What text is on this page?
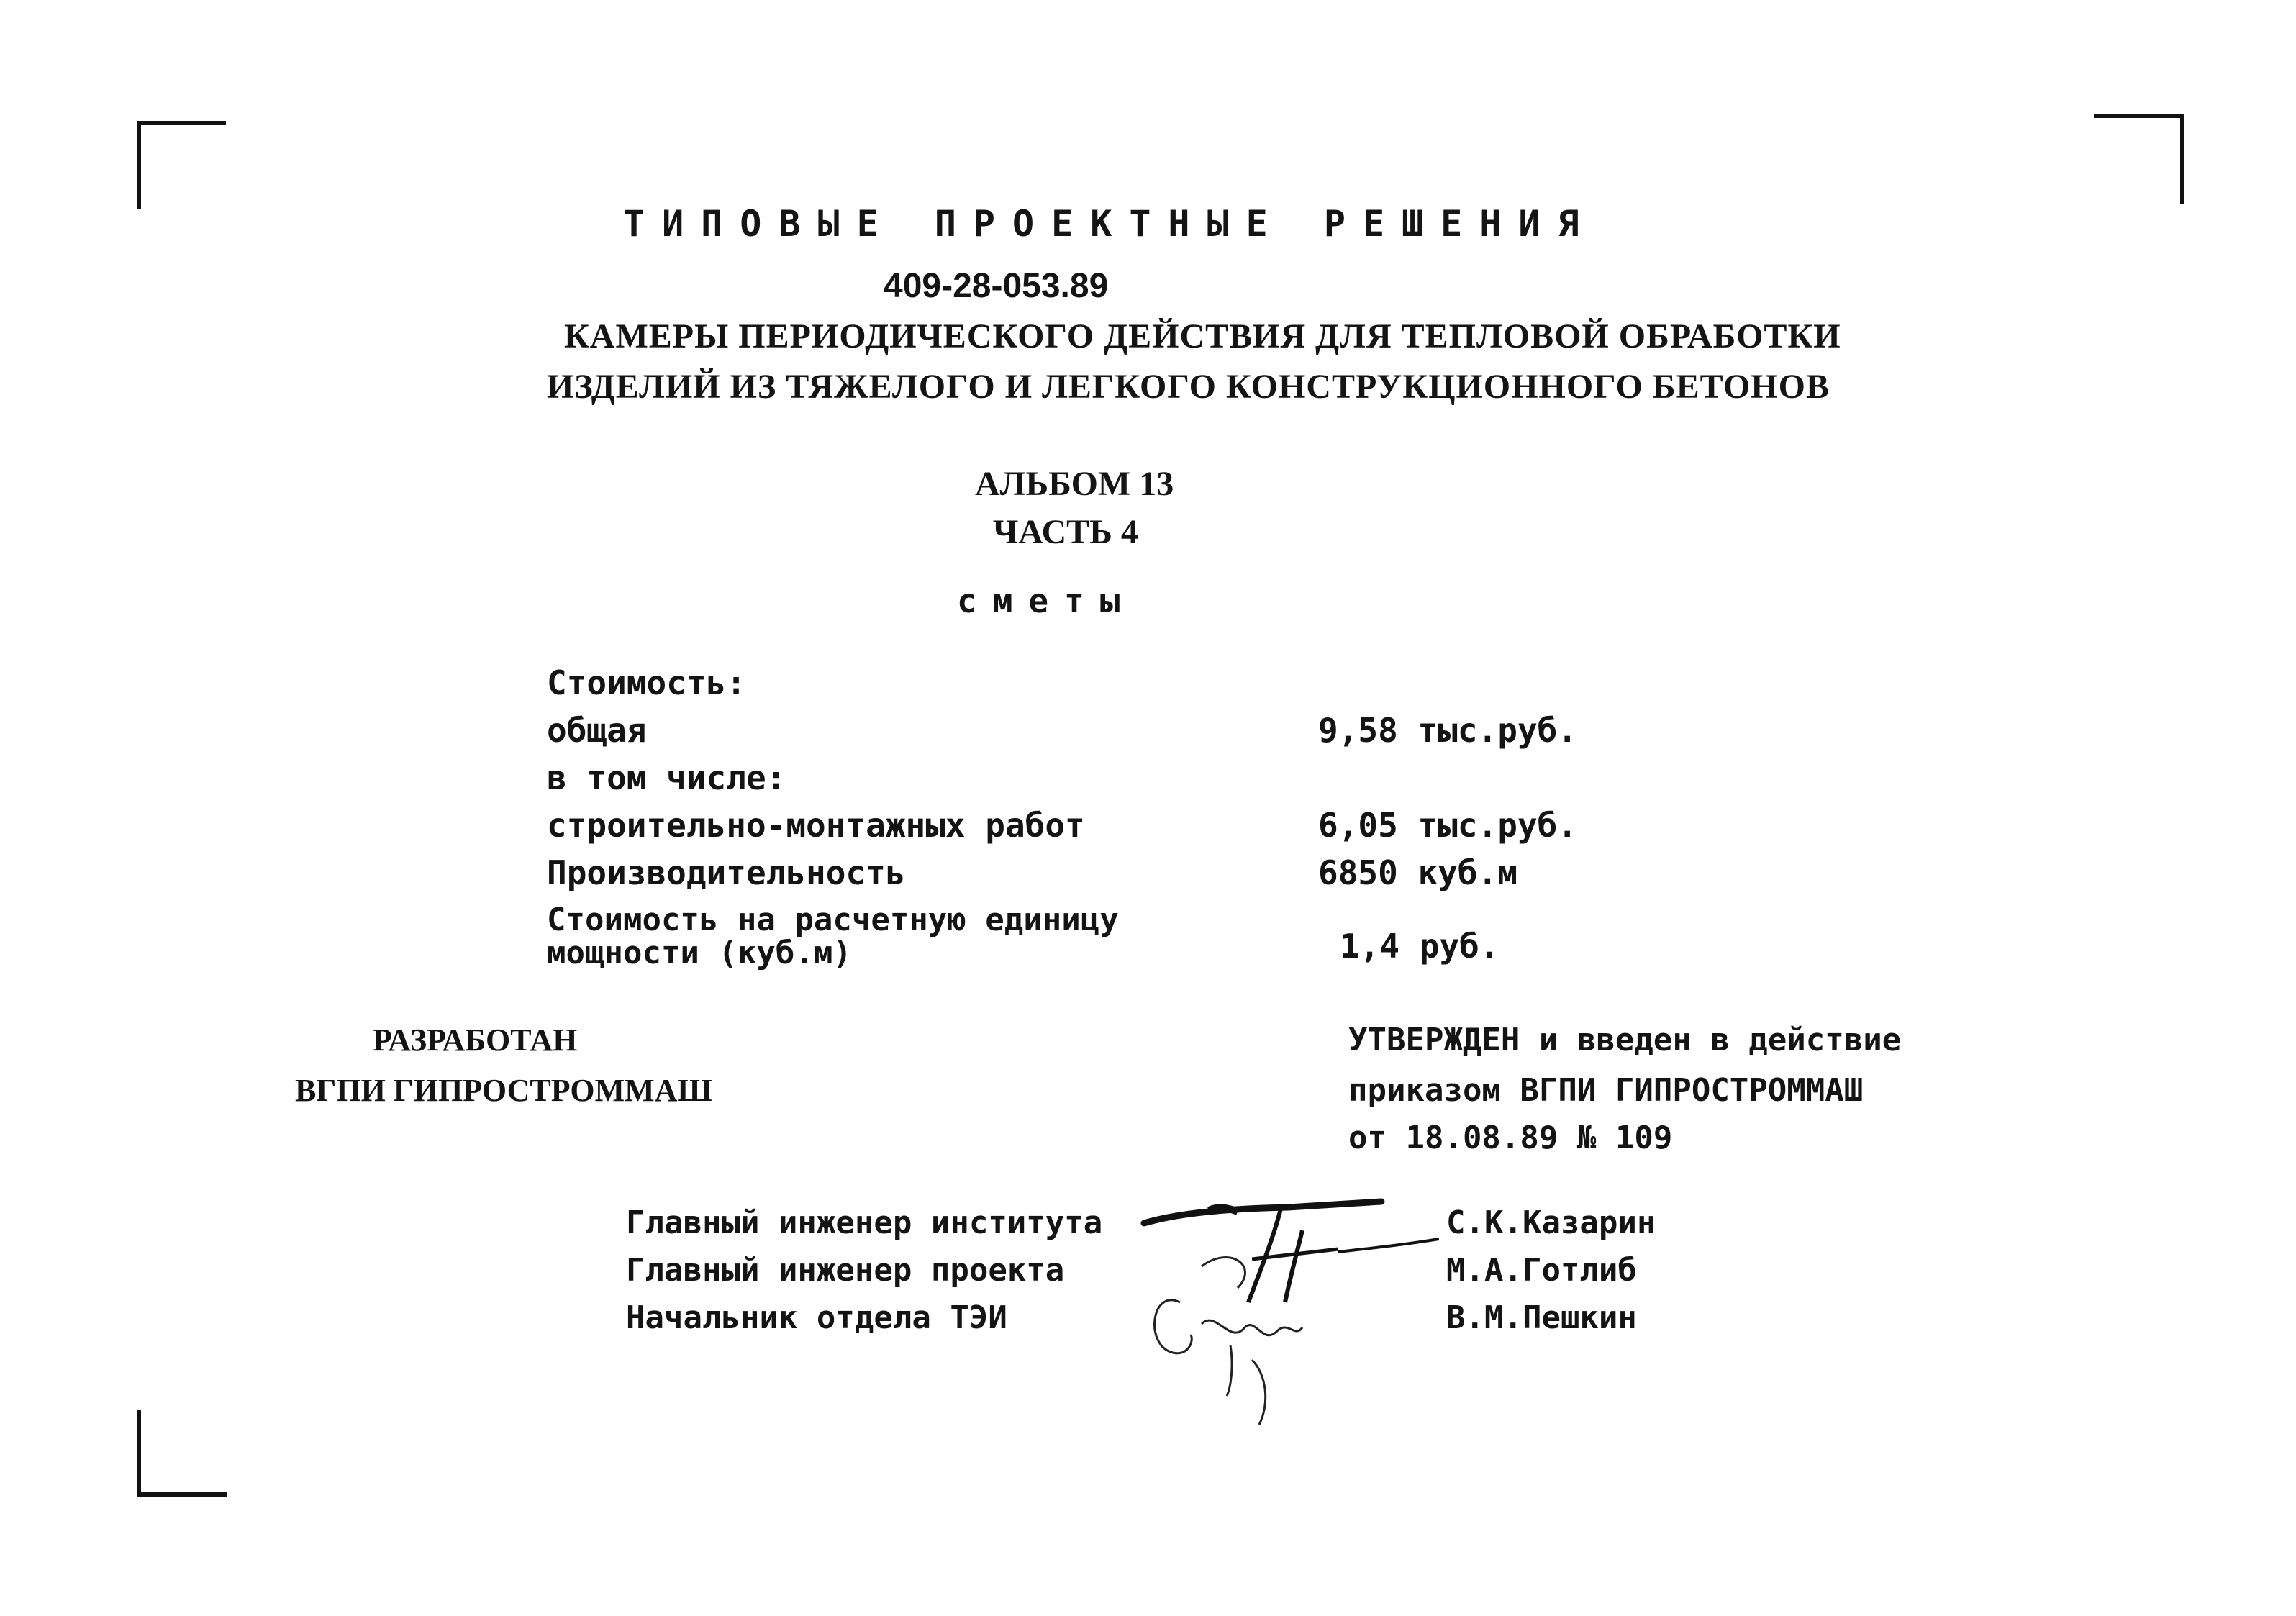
ТИПОВЫЕ ПРОЕКТНЫЕ РЕШЕНИЯ
409-28-053.89
КАМЕРЫ ПЕРИОДИЧЕСКОГО ДЕЙСТВИЯ ДЛЯ ТЕПЛОВОЙ ОБРАБОТКИ
ИЗДЕЛИЙ ИЗ ТЯЖЕЛОГО И ЛЕГКОГО КОНСТРУКЦИОННОГО БЕТОНОВ
АЛЬБОМ 13
ЧАСТЬ 4
сметы
Стоимость:
общая	9,58 тыс.руб.
в том числе:
строительно-монтажных работ	6,05 тыс.руб.
Производительность	6850 куб.м
Стоимость на расчетную единицу
мощности (куб.м)	1,4 руб.
РАЗРАБОТАН
ВГПИ ГИПРОСТРОММАШ
УТВЕРЖДЕН и введен в действие
приказом ВГПИ ГИПРОСТРОММАШ
от 18.08.89 № 109
Главный инженер института	С.К.Казарин
Главный инженер проекта	М.А.Готлиб
Начальник отдела ТЭИ	В.М.Пешкин
